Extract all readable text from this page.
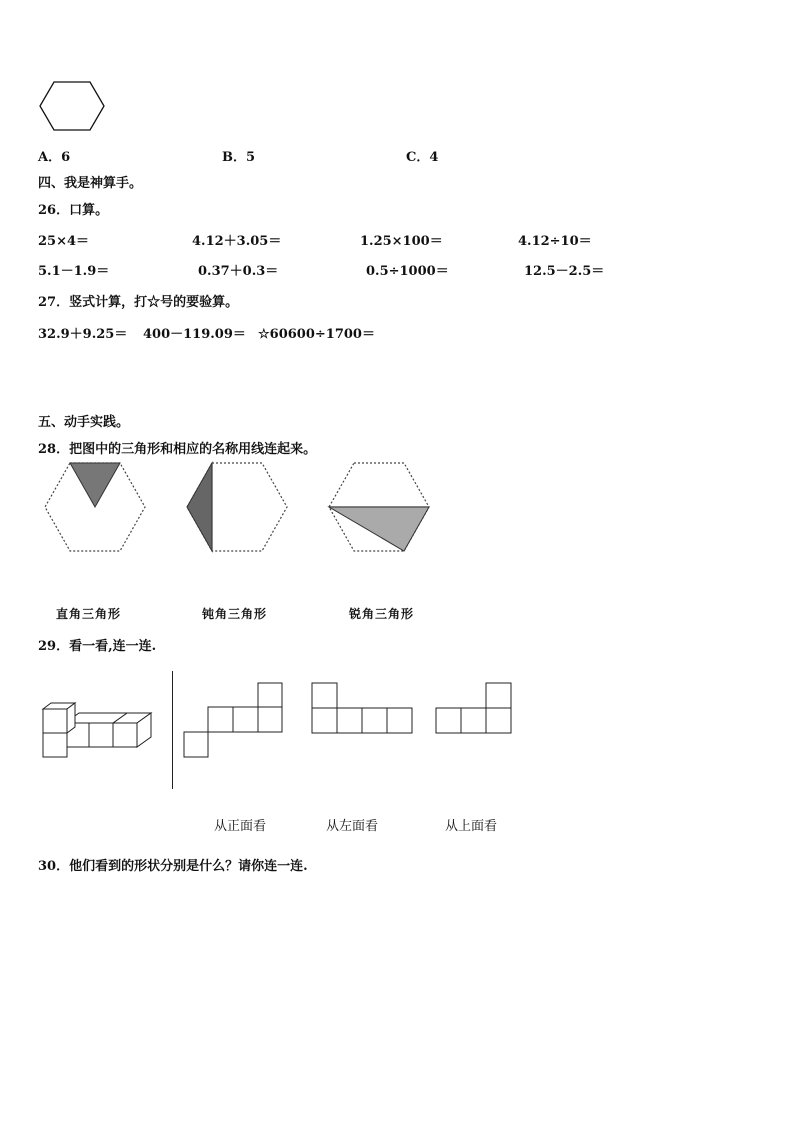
A．6	B．5	C．4
四、我是神算手。
26．口算。
25×4＝	4.12＋3.05＝	1.25×100＝	4.12÷10＝
5.1－1.9＝	0.37＋0.3＝	0.5÷1000＝	12.5－2.5＝
27．竖式计算，打☆号的要验算。
32.9＋9.25＝ 400－119.09＝ ☆60600÷1700＝
五、动手实践。
28．把图中的三角形和相应的名称用线连起来。
直角三角形	钝角三角形	锐角三角形
29．看一看,连一连.
从正面看	从左面看	从上面看
30．他们看到的形状分别是什么？请你连一连.
